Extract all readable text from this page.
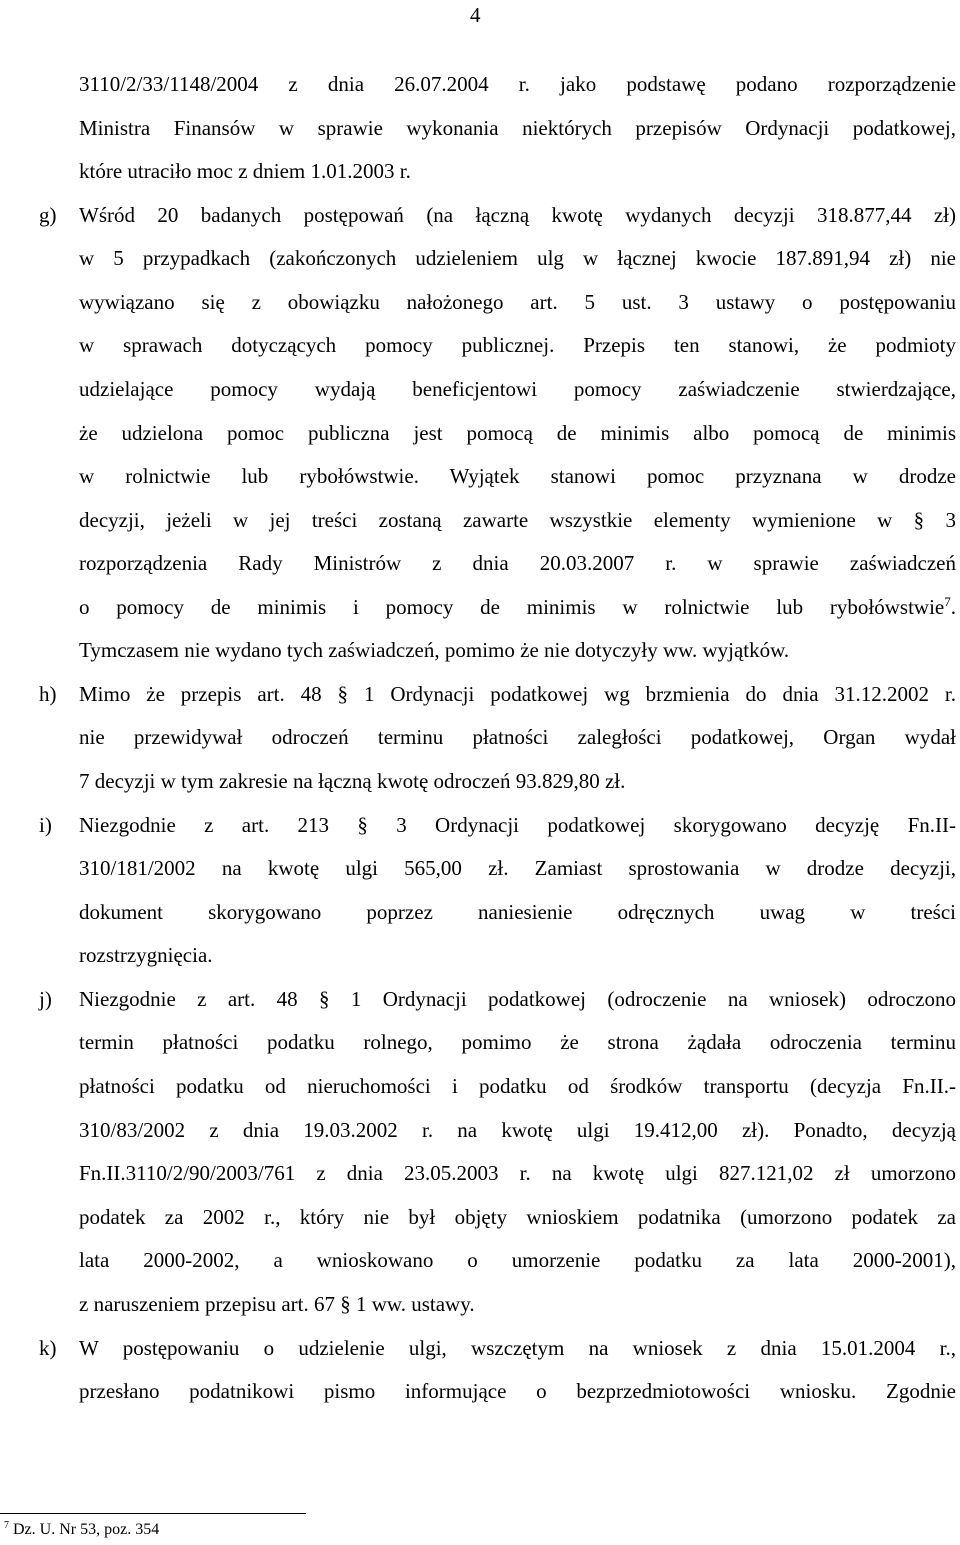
4
3110/2/33/1148/2004 z dnia 26.07.2004 r. jako podstawę podano rozporządzenie
Ministra Finansów w sprawie wykonania niektórych przepisów Ordynacji podatkowej,
które utraciło moc z dniem 1.01.2003 r.
g) Wśród 20 badanych postępowań (na łączną kwotę wydanych decyzji 318.877,44 zł)
w 5 przypadkach (zakończonych udzieleniem ulg w łącznej kwocie 187.891,94 zł) nie
wywiązano się z obowiązku nałożonego art. 5 ust. 3 ustawy o postępowaniu
w sprawach dotyczących pomocy publicznej. Przepis ten stanowi, że podmioty
udzielające pomocy wydają beneficjentowi pomocy zaświadczenie stwierdzające,
że udzielona pomoc publiczna jest pomocą de minimis albo pomocą de minimis
w rolnictwie lub rybołówstwie. Wyjątek stanowi pomoc przyznana w drodze
decyzji, jeżeli w jej treści zostaną zawarte wszystkie elementy wymienione w § 3
rozporządzenia Rady Ministrów z dnia 20.03.2007 r. w sprawie zaświadczeń
o pomocy de minimis i pomocy de minimis w rolnictwie lub rybołówstwie$^7$.
Tymczasem nie wydano tych zaświadczeń, pomimo że nie dotyczyły ww. wyjątków.
h) Mimo że przepis art. 48 § 1 Ordynacji podatkowej wg brzmienia do dnia 31.12.2002 r.
nie przewidywał odroczeń terminu płatności zaległości podatkowej, Organ wydał
7 decyzji w tym zakresie na łączną kwotę odroczeń 93.829,80 zł.
i) Niezgodnie z art. 213 § 3 Ordynacji podatkowej skorygowano decyzję Fn.II-
310/181/2002 na kwotę ulgi 565,00 zł. Zamiast sprostowania w drodze decyzji,
dokument skorygowano poprzez naniesienie odręcznych uwag w treści
rozstrzygnięcia.
j) Niezgodnie z art. 48 § 1 Ordynacji podatkowej (odroczenie na wniosek) odroczono
termin płatności podatku rolnego, pomimo że strona żądała odroczenia terminu
płatności podatku od nieruchomości i podatku od środków transportu (decyzja Fn.II.-
310/83/2002 z dnia 19.03.2002 r. na kwotę ulgi 19.412,00 zł). Ponadto, decyzją
Fn.II.3110/2/90/2003/761 z dnia 23.05.2003 r. na kwotę ulgi 827.121,02 zł umorzono
podatek za 2002 r., który nie był objęty wnioskiem podatnika (umorzono podatek za
lata 2000-2002, a wnioskowano o umorzenie podatku za lata 2000-2001),
z naruszeniem przepisu art. 67 § 1 ww. ustawy.
k) W postępowaniu o udzielenie ulgi, wszczętym na wniosek z dnia 15.01.2004 r.,
przesłano podatnikowi pismo informujące o bezprzedmiotowości wniosku. Zgodnie
$^7$ Dz. U. Nr 53, poz. 354
